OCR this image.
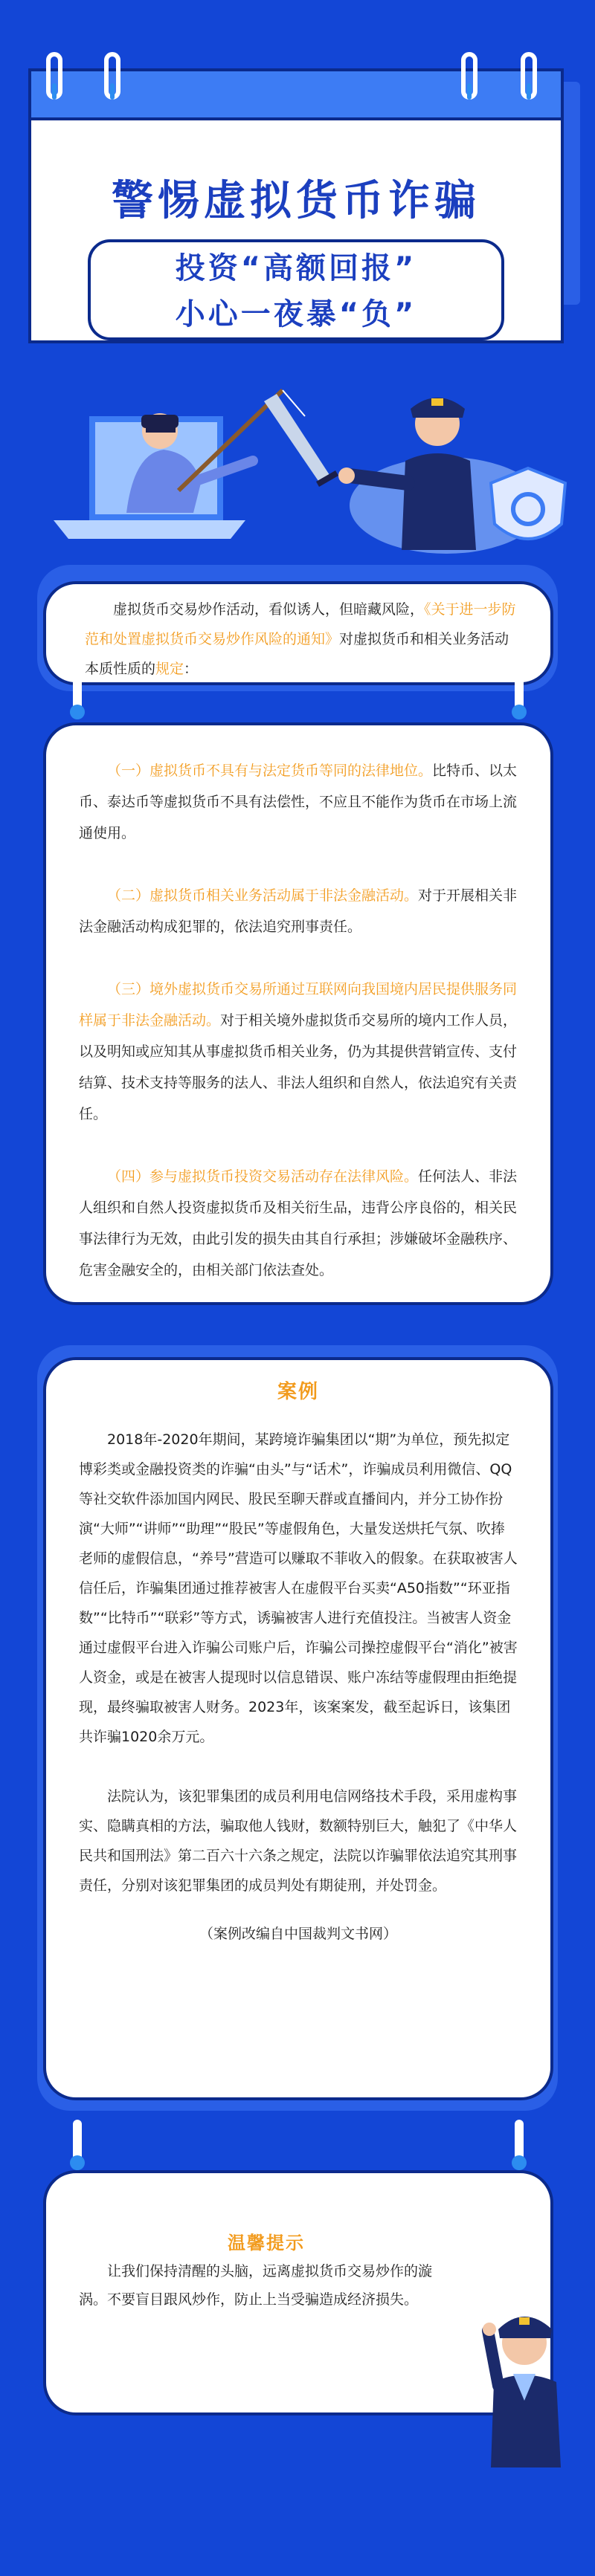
警惕虚拟货币诈骗
投资“高额回报”
小心一夜暴“负”

虚拟货币交易炒作活动，看似诱人，但暗藏风险，《关于进一步防范和处置虚拟货币交易炒作风险的通知》对虚拟货币和相关业务活动本质性质的规定：

（一）虚拟货币不具有与法定货币等同的法律地位。比特币、以太币、泰达币等虚拟货币不具有法偿性，不应且不能作为货币在市场上流通使用。

（二）虚拟货币相关业务活动属于非法金融活动。对于开展相关非法金融活动构成犯罪的，依法追究刑事责任。

（三）境外虚拟货币交易所通过互联网向我国境内居民提供服务同样属于非法金融活动。对于相关境外虚拟货币交易所的境内工作人员，以及明知或应知其从事虚拟货币相关业务，仍为其提供营销宣传、支付结算、技术支持等服务的法人、非法人组织和自然人，依法追究有关责任。

（四）参与虚拟货币投资交易活动存在法律风险。任何法人、非法人组织和自然人投资虚拟货币及相关衍生品，违背公序良俗的，相关民事法律行为无效，由此引发的损失由其自行承担；涉嫌破坏金融秩序、危害金融安全的，由相关部门依法查处。

案例

2018年-2020年期间，某跨境诈骗集团以“期”为单位，预先拟定博彩类或金融投资类的诈骗“由头”与“话术”，诈骗成员利用微信、QQ等社交软件添加国内网民、股民至聊天群或直播间内，并分工协作扮演“大师”“讲师”“助理”“股民”等虚假角色，大量发送烘托气氛、吹捧老师的虚假信息，“养号”营造可以赚取不菲收入的假象。在获取被害人信任后，诈骗集团通过推荐被害人在虚假平台买卖“A50指数”“环亚指数”“比特币”“联彩”等方式，诱骗被害人进行充值投注。当被害人资金通过虚假平台进入诈骗公司账户后，诈骗公司操控虚假平台“消化”被害人资金，或是在被害人提现时以信息错误、账户冻结等虚假理由拒绝提现，最终骗取被害人财务。2023年，该案案发，截至起诉日，该集团共诈骗1020余万元。

法院认为，该犯罪集团的成员利用电信网络技术手段，采用虚构事实、隐瞒真相的方法，骗取他人钱财，数额特别巨大，触犯了《中华人民共和国刑法》第二百六十六条之规定，法院以诈骗罪依法追究其刑事责任，分别对该犯罪集团的成员判处有期徒刑，并处罚金。

（案例改编自中国裁判文书网）
温馨提示

让我们保持清醒的头脑，远离虚拟货币交易炒作的漩涡。不要盲目跟风炒作，防止上当受骗造成经济损失。
